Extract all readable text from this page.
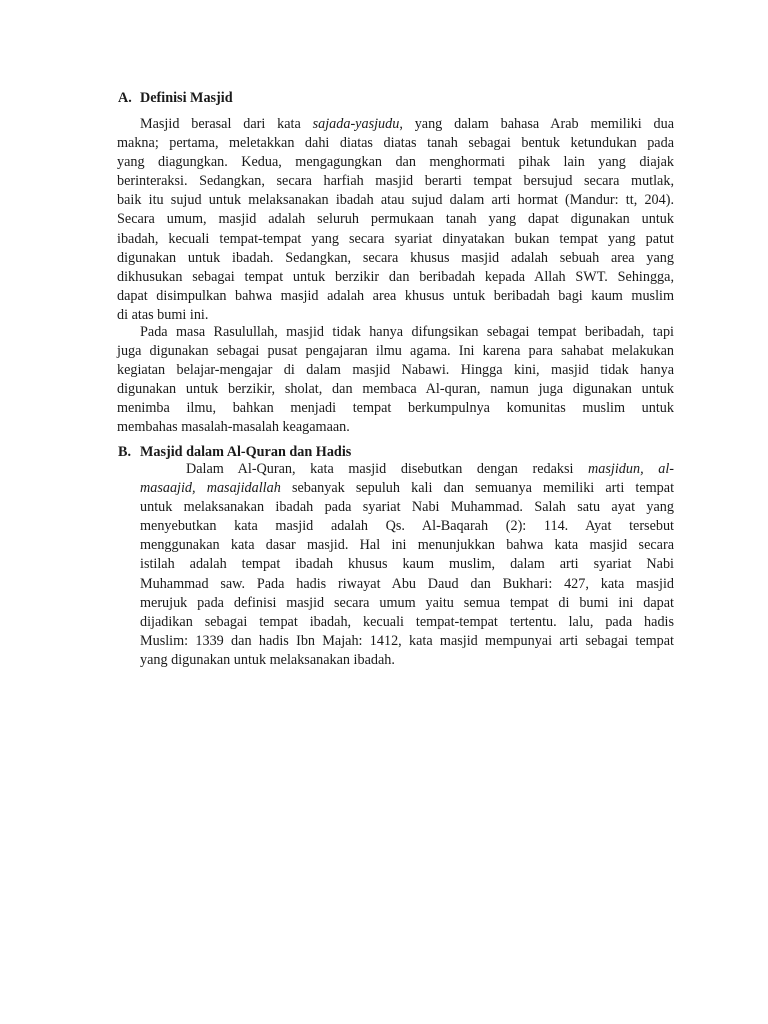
A. Definisi Masjid
Masjid berasal dari kata sajada-yasjudu, yang dalam bahasa Arab memiliki dua
makna; pertama, meletakkan dahi diatas diatas tanah sebagai bentuk ketundukan pada
yang diagungkan. Kedua, mengagungkan dan menghormati pihak lain yang diajak
berinteraksi. Sedangkan, secara harfiah masjid berarti tempat bersujud secara mutlak,
baik itu sujud untuk melaksanakan ibadah atau sujud dalam arti hormat (Mandur: tt, 204).
Secara umum, masjid adalah seluruh permukaan tanah yang dapat digunakan untuk
ibadah, kecuali tempat-tempat yang secara syariat dinyatakan bukan tempat yang patut
digunakan untuk ibadah. Sedangkan, secara khusus masjid adalah sebuah area yang
dikhusukan sebagai tempat untuk berzikir dan beribadah kepada Allah SWT. Sehingga,
dapat disimpulkan bahwa masjid adalah area khusus untuk beribadah bagi kaum muslim
di atas bumi ini.
Pada masa Rasulullah, masjid tidak hanya difungsikan sebagai tempat beribadah, tapi
juga digunakan sebagai pusat pengajaran ilmu agama. Ini karena para sahabat melakukan
kegiatan belajar-mengajar di dalam masjid Nabawi. Hingga kini, masjid tidak hanya
digunakan untuk berzikir, sholat, dan membaca Al-quran, namun juga digunakan untuk
menimba ilmu, bahkan menjadi tempat berkumpulnya komunitas muslim untuk
membahas masalah-masalah keagamaan.
B. Masjid dalam Al-Quran dan Hadis
Dalam Al-Quran, kata masjid disebutkan dengan redaksi masjidun, al-
masaajid, masajidallah sebanyak sepuluh kali dan semuanya memiliki arti tempat
untuk melaksanakan ibadah pada syariat Nabi Muhammad. Salah satu ayat yang
menyebutkan kata masjid adalah Qs. Al-Baqarah (2): 114. Ayat tersebut
menggunakan kata dasar masjid. Hal ini menunjukkan bahwa kata masjid secara
istilah adalah tempat ibadah khusus kaum muslim, dalam arti syariat Nabi
Muhammad saw. Pada hadis riwayat Abu Daud dan Bukhari: 427, kata masjid
merujuk pada definisi masjid secara umum yaitu semua tempat di bumi ini dapat
dijadikan sebagai tempat ibadah, kecuali tempat-tempat tertentu. lalu, pada hadis
Muslim: 1339 dan hadis Ibn Majah: 1412, kata masjid mempunyai arti sebagai tempat
yang digunakan untuk melaksanakan ibadah.
